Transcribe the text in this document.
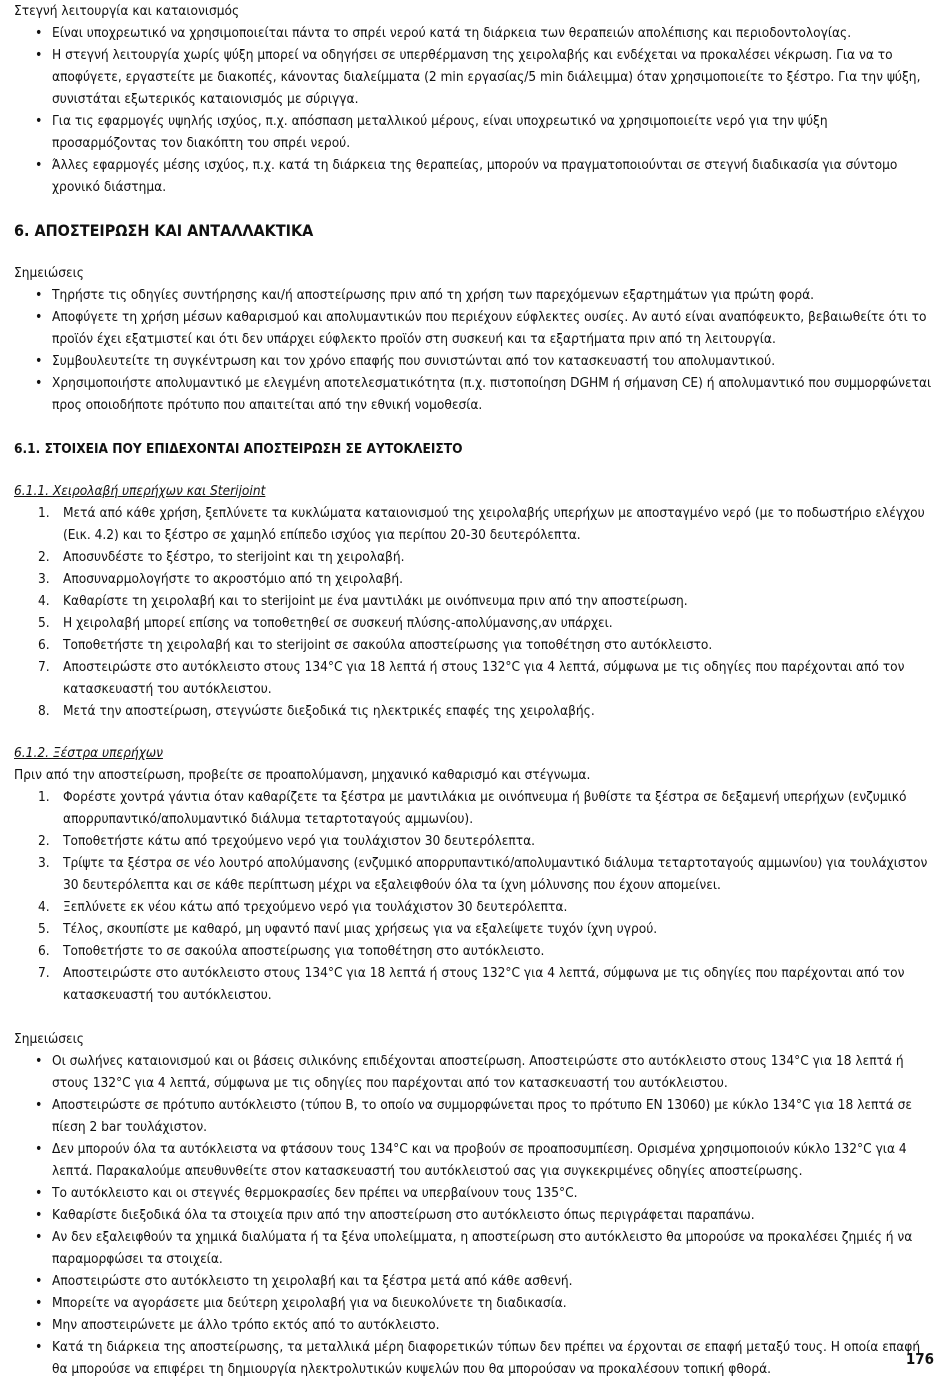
Στεγνή λειτουργία και καταιονισμός

• Είναι υποχρεωτικό να χρησιμοποιείται πάντα το σπρέι νερού κατά τη διάρκεια των θεραπειών απολέπισης και περιοδοντολογίας.
• Η στεγνή λειτουργία χωρίς ψύξη μπορεί να οδηγήσει σε υπερθέρμανση της χειρολαβής και ενδέχεται να προκαλέσει νέκρωση. Για να το αποφύγετε, εργαστείτε με διακοπές, κάνοντας διαλείμματα (2 min εργασίας/5 min διάλειμμα) όταν χρησιμοποιείτε το ξέστρο. Για την ψύξη, συνιστάται εξωτερικός καταιονισμός με σύριγγα.
• Για τις εφαρμογές υψηλής ισχύος, π.χ. απόσπαση μεταλλικού μέρους, είναι υποχρεωτικό να χρησιμοποιείτε νερό για την ψύξη προσαρμόζοντας τον διακόπτη του σπρέι νερού.
• Άλλες εφαρμογές μέσης ισχύος, π.χ. κατά τη διάρκεια της θεραπείας, μπορούν να πραγματοποιούνται σε στεγνή διαδικασία για σύντομο χρονικό διάστημα.
6. ΑΠΟΣΤΕΙΡΩΣΗ ΚΑΙ ΑΝΤΑΛΛΑΚΤΙΚΑ

Σημειώσεις

• Τηρήστε τις οδηγίες συντήρησης και/ή αποστείρωσης πριν από τη χρήση των παρεχόμενων εξαρτημάτων για πρώτη φορά.
• Αποφύγετε τη χρήση μέσων καθαρισμού και απολυμαντικών που περιέχουν εύφλεκτες ουσίες. Αν αυτό είναι αναπόφευκτο, βεβαιωθείτε ότι το προϊόν έχει εξατμιστεί και ότι δεν υπάρχει εύφλεκτο προϊόν στη συσκευή και τα εξαρτήματα πριν από τη λειτουργία.
• Συμβουλευτείτε τη συγκέντρωση και τον χρόνο επαφής που συνιστώνται από τον κατασκευαστή του απολυμαντικού.
• Χρησιμοποιήστε απολυμαντικό με ελεγμένη αποτελεσματικότητα (π.χ. πιστοποίηση DGHM ή σήμανση CE) ή απολυμαντικό που συμμορφώνεται προς οποιοδήποτε πρότυπο που απαιτείται από την εθνική νομοθεσία.
6.1. ΣΤΟΙΧΕΙΑ ΠΟΥ ΕΠΙΔΕΧΟΝΤΑΙ ΑΠΟΣΤΕΙΡΩΣΗ ΣΕ ΑΥΤΟΚΛΕΙΣΤΟ

6.1.1. Χειρολαβή υπερήχων και Sterijoint

1. Μετά από κάθε χρήση, ξεπλύνετε τα κυκλώματα καταιονισμού της χειρολαβής υπερήχων με αποσταγμένο νερό (με το ποδωστήριο ελέγχου (Εικ. 4.2) και το ξέστρο σε χαμηλό επίπεδο ισχύος για περίπου 20-30 δευτερόλεπτα.
2. Αποσυνδέστε το ξέστρο, το sterijoint και τη χειρολαβή.
3. Αποσυναρμολογήστε το ακροστόμιο από τη χειρολαβή.
4. Καθαρίστε τη χειρολαβή και το sterijoint με ένα μαντιλάκι με οινόπνευμα πριν από την αποστείρωση.
5. Η χειρολαβή μπορεί επίσης να τοποθετηθεί σε συσκευή πλύσης-απολύμανσης,αν υπάρχει.
6. Τοποθετήστε τη χειρολαβή και το sterijoint σε σακούλα αποστείρωσης για τοποθέτηση στο αυτόκλειστο.
7. Αποστειρώστε στο αυτόκλειστο στους 134°C για 18 λεπτά ή στους 132°C για 4 λεπτά, σύμφωνα με τις οδηγίες που παρέχονται από τον κατασκευαστή του αυτόκλειστου.
8. Μετά την αποστείρωση, στεγνώστε διεξοδικά τις ηλεκτρικές επαφές της χειρολαβής.

6.1.2. Ξέστρα υπερήχων

Πριν από την αποστείρωση, προβείτε σε προαπολύμανση, μηχανικό καθαρισμό και στέγνωμα.

1. Φορέστε χοντρά γάντια όταν καθαρίζετε τα ξέστρα με μαντιλάκια με οινόπνευμα ή βυθίστε τα ξέστρα σε δεξαμενή υπερήχων (ενζυμικό απορρυπαντικό/απολυμαντικό διάλυμα τεταρτοταγούς αμμωνίου).
2. Τοποθετήστε κάτω από τρεχούμενο νερό για τουλάχιστον 30 δευτερόλεπτα.
3. Τρίψτε τα ξέστρα σε νέο λουτρό απολύμανσης (ενζυμικό απορρυπαντικό/απολυμαντικό διάλυμα τεταρτοταγούς αμμωνίου) για τουλάχιστον 30 δευτερόλεπτα και σε κάθε περίπτωση μέχρι να εξαλειφθούν όλα τα ίχνη μόλυνσης που έχουν απομείνει.
4. Ξεπλύνετε εκ νέου κάτω από τρεχούμενο νερό για τουλάχιστον 30 δευτερόλεπτα.
5. Τέλος, σκουπίστε με καθαρό, μη υφαντό πανί μιας χρήσεως για να εξαλείψετε τυχόν ίχνη υγρού.
6. Τοποθετήστε το σε σακούλα αποστείρωσης για τοποθέτηση στο αυτόκλειστο.
7. Αποστειρώστε στο αυτόκλειστο στους 134°C για 18 λεπτά ή στους 132°C για 4 λεπτά, σύμφωνα με τις οδηγίες που παρέχονται από τον κατασκευαστή του αυτόκλειστου.

Σημειώσεις

• Οι σωλήνες καταιονισμού και οι βάσεις σιλικόνης επιδέχονται αποστείρωση. Αποστειρώστε στο αυτόκλειστο στους 134°C για 18 λεπτά ή στους 132°C για 4 λεπτά, σύμφωνα με τις οδηγίες που παρέχονται από τον κατασκευαστή του αυτόκλειστου.
• Αποστειρώστε σε πρότυπο αυτόκλειστο (τύπου B, το οποίο να συμμορφώνεται προς το πρότυπο EN 13060) με κύκλο 134°C για 18 λεπτά σε πίεση 2 bar τουλάχιστον.
• Δεν μπορούν όλα τα αυτόκλειστα να φτάσουν τους 134°C και να προβούν σε προαποσυμπίεση. Ορισμένα χρησιμοποιούν κύκλο 132°C για 4 λεπτά. Παρακαλούμε απευθυνθείτε στον κατασκευαστή του αυτόκλειστού σας για συγκεκριμένες οδηγίες αποστείρωσης.
• Το αυτόκλειστο και οι στεγνές θερμοκρασίες δεν πρέπει να υπερβαίνουν τους 135°C.
• Καθαρίστε διεξοδικά όλα τα στοιχεία πριν από την αποστείρωση στο αυτόκλειστο όπως περιγράφεται παραπάνω.
• Αν δεν εξαλειφθούν τα χημικά διαλύματα ή τα ξένα υπολείμματα, η αποστείρωση στο αυτόκλειστο θα μπορούσε να προκαλέσει ζημιές ή να παραμορφώσει τα στοιχεία.
• Αποστειρώστε στο αυτόκλειστο τη χειρολαβή και τα ξέστρα μετά από κάθε ασθενή.
• Μπορείτε να αγοράσετε μια δεύτερη χειρολαβή για να διευκολύνετε τη διαδικασία.
• Μην αποστειρώνετε με άλλο τρόπο εκτός από το αυτόκλειστο.
• Κατά τη διάρκεια της αποστείρωσης, τα μεταλλικά μέρη διαφορετικών τύπων δεν πρέπει να έρχονται σε επαφή μεταξύ τους. Η οποία επαφή θα μπορούσε να επιφέρει τη δημιουργία ηλεκτρολυτικών κυψελών που θα μπορούσαν να προκαλέσουν τοπική φθορά.
176
